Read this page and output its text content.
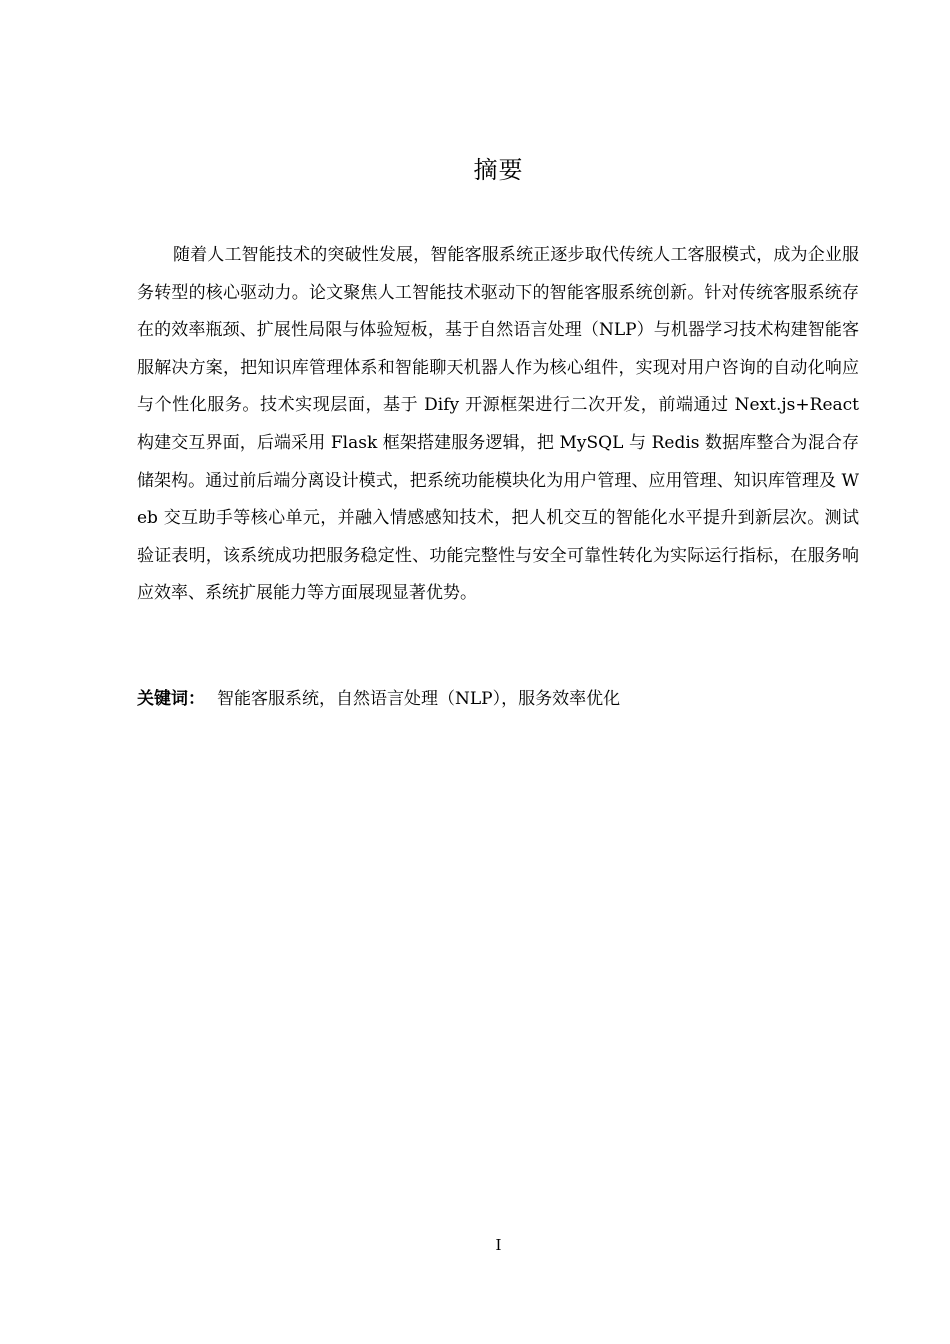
摘要

随着人工智能技术的突破性发展，智能客服系统正逐步取代传统人工客服模式，成为企业服务转型的核心驱动力。论文聚焦人工智能技术驱动下的智能客服系统创新。针对传统客服系统存在的效率瓶颈、扩展性局限与体验短板，基于自然语言处理（NLP）与机器学习技术构建智能客服解决方案，把知识库管理体系和智能聊天机器人作为核心组件，实现对用户咨询的自动化响应与个性化服务。技术实现层面，基于 Dify 开源框架进行二次开发，前端通过 Next.js+React 构建交互界面，后端采用 Flask 框架搭建服务逻辑，把 MySQL 与 Redis 数据库整合为混合存储架构。通过前后端分离设计模式，把系统功能模块化为用户管理、应用管理、知识库管理及 Web 交互助手等核心单元，并融入情感感知技术，把人机交互的智能化水平提升到新层次。测试验证表明，该系统成功把服务稳定性、功能完整性与安全可靠性转化为实际运行指标，在服务响应效率、系统扩展能力等方面展现显著优势。

关键词： 智能客服系统，自然语言处理（NLP），服务效率优化
I
